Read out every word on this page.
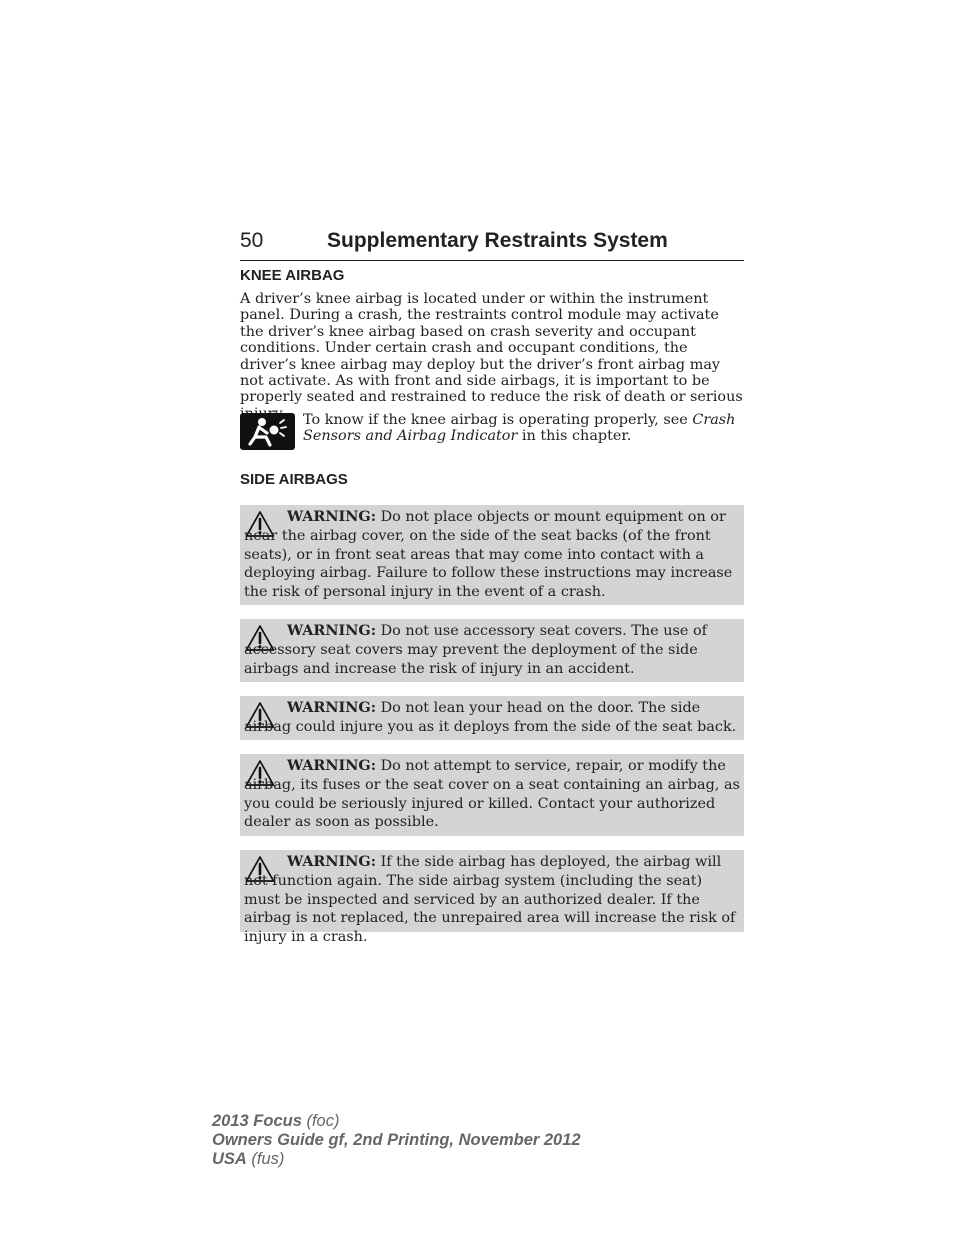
50	Supplementary Restraints System
KNEE AIRBAG
A driver’s knee airbag is located under or within the instrument panel. During a crash, the restraints control module may activate the driver’s knee airbag based on crash severity and occupant conditions. Under certain crash and occupant conditions, the driver’s knee airbag may deploy but the driver’s front airbag may not activate. As with front and side airbags, it is important to be properly seated and restrained to reduce the risk of death or serious
To know if the knee airbag is operating properly, see Crash Sensors and Airbag Indicator in this chapter.
SIDE AIRBAGS
WARNING: Do not place objects or mount equipment on or near the airbag cover, on the side of the seat backs (of the front seats), or in front seat areas that may come into contact with a deploying airbag. Failure to follow these instructions may increase the risk of personal injury in the event of a crash.
WARNING: Do not use accessory seat covers. The use of accessory seat covers may prevent the deployment of the side airbags and increase the risk of injury in an accident.
WARNING: Do not lean your head on the door. The side airbag could injure you as it deploys from the side of the seat back.
WARNING: Do not attempt to service, repair, or modify the airbag, its fuses or the seat cover on a seat containing an airbag, as you could be seriously injured or killed. Contact your authorized dealer as soon as possible.
WARNING: If the side airbag has deployed, the airbag will not function again. The side airbag system (including the seat) must be inspected and serviced by an authorized dealer. If the airbag is not replaced, the unrepaired area will increase the risk of injury in a crash.
2013 Focus (foc)
Owners Guide gf, 2nd Printing, November 2012
USA (fus)
